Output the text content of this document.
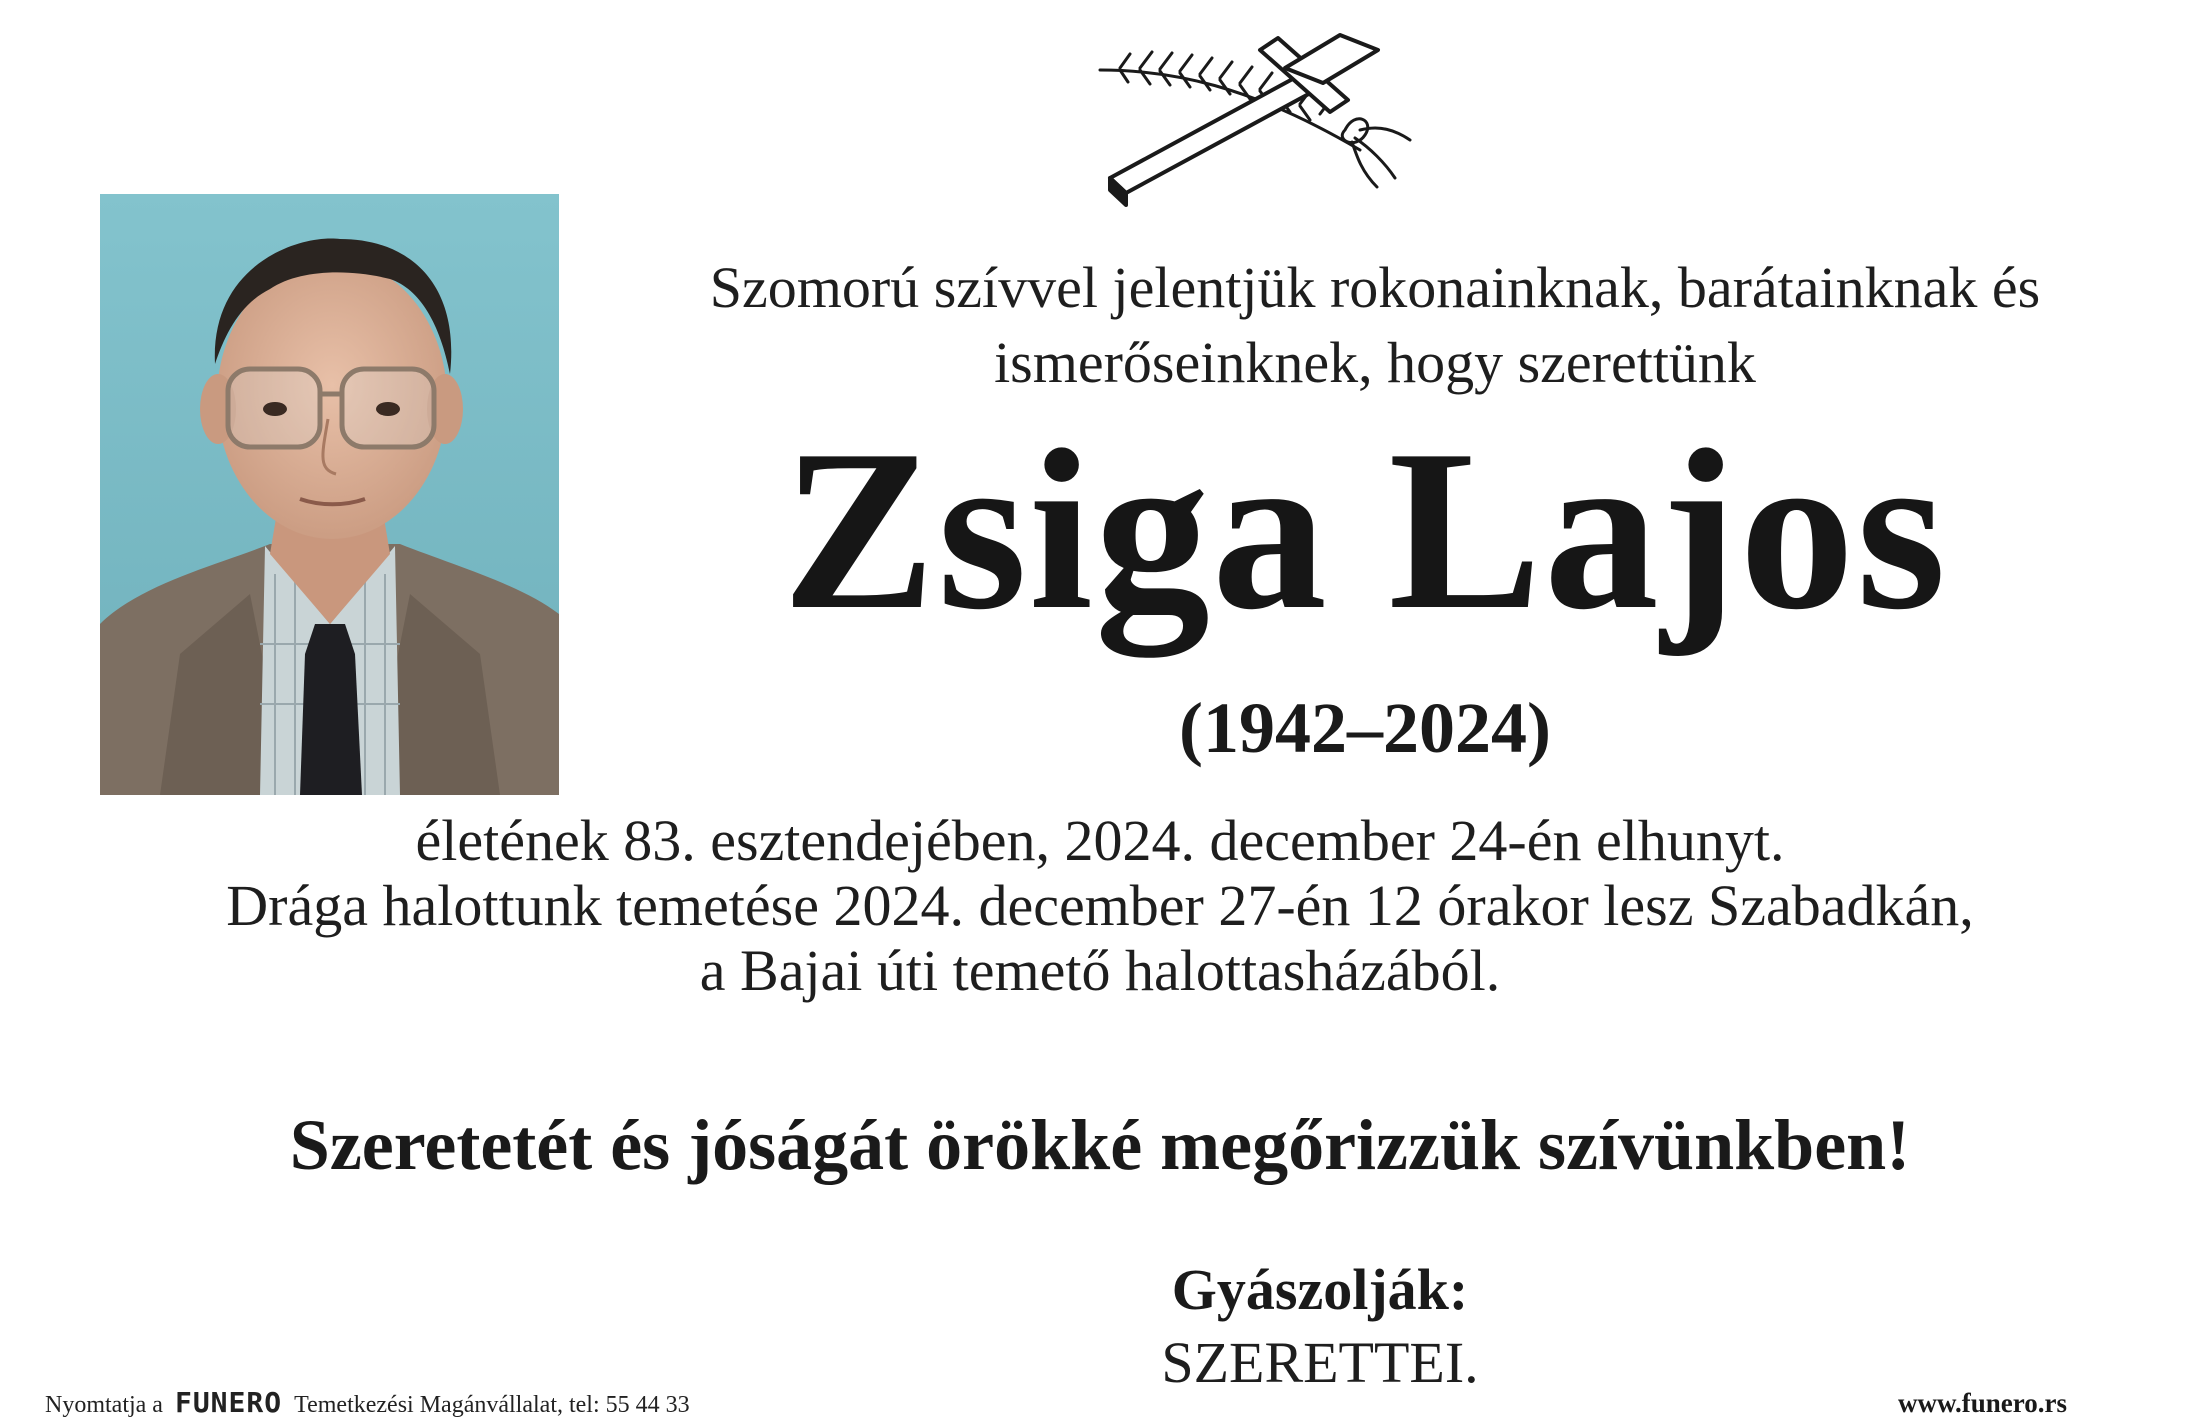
Szomorú szívvel jelentjük rokonainknak, barátainknak és
ismerőseinknek, hogy szerettünk
Zsiga Lajos
(1942–2024)
életének 83. esztendejében, 2024. december 24-én elhunyt.
Drága halottunk temetése 2024. december 27-én 12 órakor lesz Szabadkán,
a Bajai úti temető halottasházából.
Szeretetét és jóságát örökké megőrizzük szívünkben!
Gyászolják:
SZERETTEI.
Nyomtatja a FUNERO Temetkezési Magánvállalat, tel: 55 44 33	www.funero.rs
